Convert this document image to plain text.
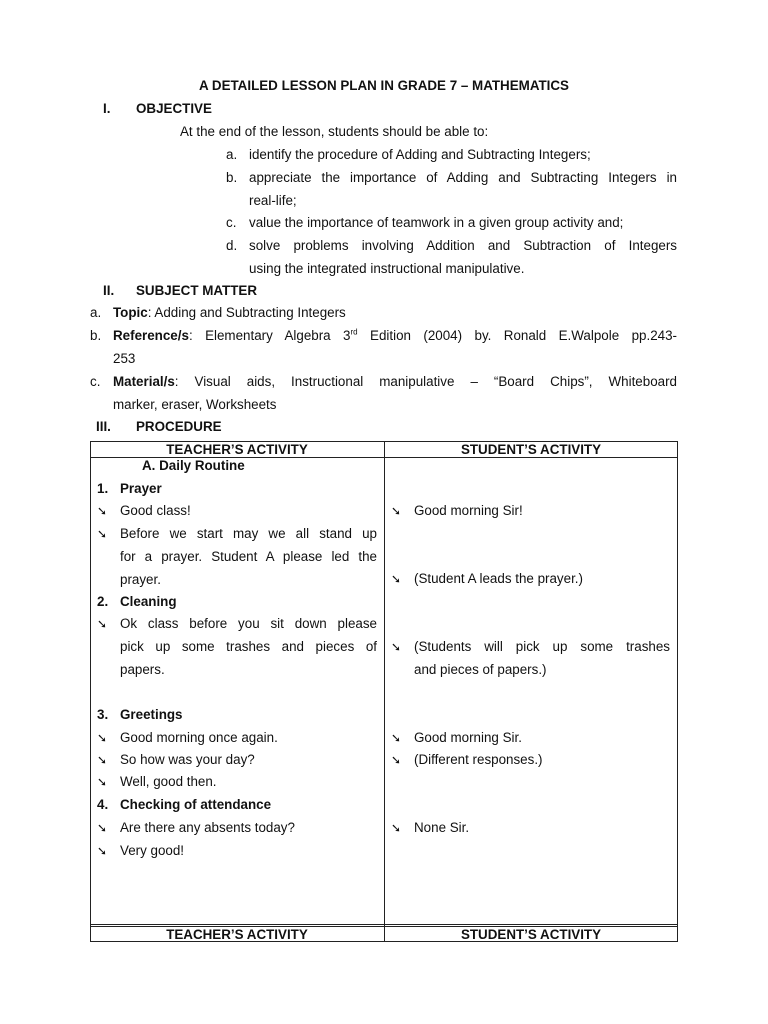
A DETAILED LESSON PLAN IN GRADE 7 – MATHEMATICS
I. OBJECTIVE
At the end of the lesson, students should be able to:
a. identify the procedure of Adding and Subtracting Integers;
b. appreciate the importance of Adding and Subtracting Integers in
real-life;
c. value the importance of teamwork in a given group activity and;
d. solve problems involving Addition and Subtraction of Integers
using the integrated instructional manipulative.
II. SUBJECT MATTER
a. Topic: Adding and Subtracting Integers
b. Reference/s: Elementary Algebra 3rd Edition (2004) by. Ronald E.Walpole pp.243-
253
c. Material/s: Visual aids, Instructional manipulative – “Board Chips”, Whiteboard
marker, eraser, Worksheets
III. PROCEDURE
TEACHER’S ACTIVITY	STUDENT’S ACTIVITY
A. Daily Routine
1. Prayer
➘ Good class!
➘ Before we start may we all stand up
for a prayer. Student A please led the
prayer.
2. Cleaning
➘ Ok class before you sit down please
pick up some trashes and pieces of
papers.
3. Greetings
➘ Good morning once again.
➘ So how was your day?
➘ Well, good then.
4. Checking of attendance
➘ Are there any absents today?
➘ Very good!
➘ Good morning Sir!
➘ (Student A leads the prayer.)
➘ (Students will pick up some trashes
and pieces of papers.)
➘ Good morning Sir.
➘ (Different responses.)
➘ None Sir.
TEACHER’S ACTIVITY	STUDENT’S ACTIVITY
